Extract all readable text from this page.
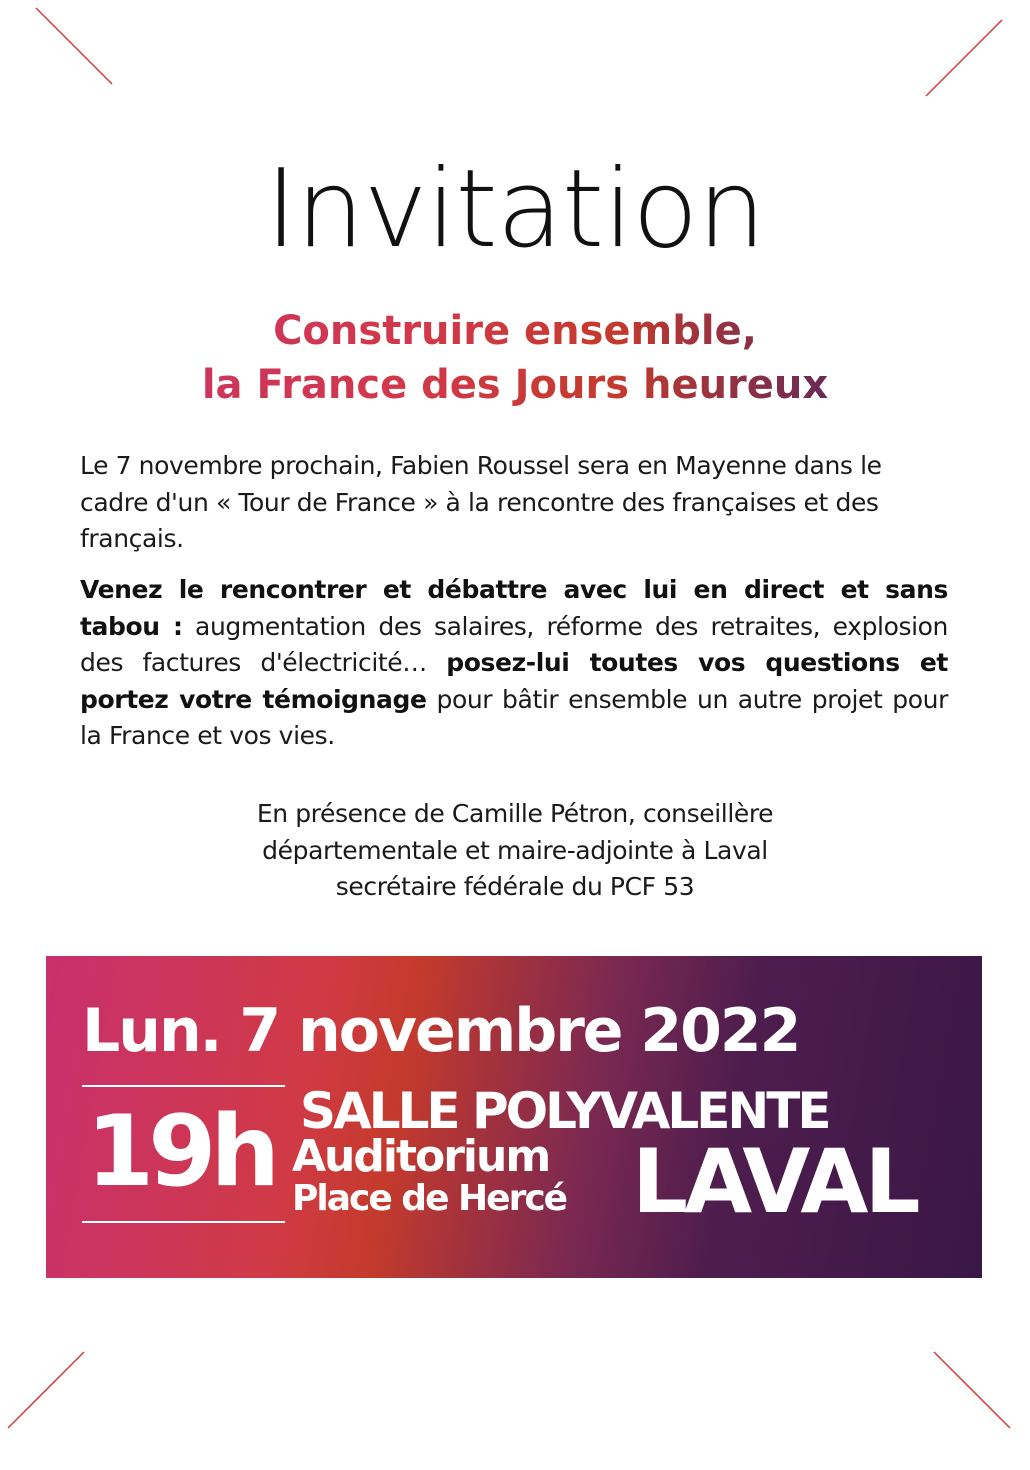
Invitation
Construire ensemble,
la France des Jours heureux
Le 7 novembre prochain, Fabien Roussel sera en Mayenne dans le cadre d'un « Tour de France » à la rencontre des françaises et des français.
Venez le rencontrer et débattre avec lui en direct et sans tabou : augmentation des salaires, réforme des retraites, explosion des factures d'électricité… posez-lui toutes vos questions et portez votre témoignage pour bâtir ensemble un autre projet pour la France et vos vies.
En présence de Camille Pétron, conseillère
départementale et maire-adjointe à Laval
secrétaire fédérale du PCF 53
Lun. 7 novembre 2022
19h SALLE POLYVALENTE
Auditorium
Place de Hercé LAVAL
